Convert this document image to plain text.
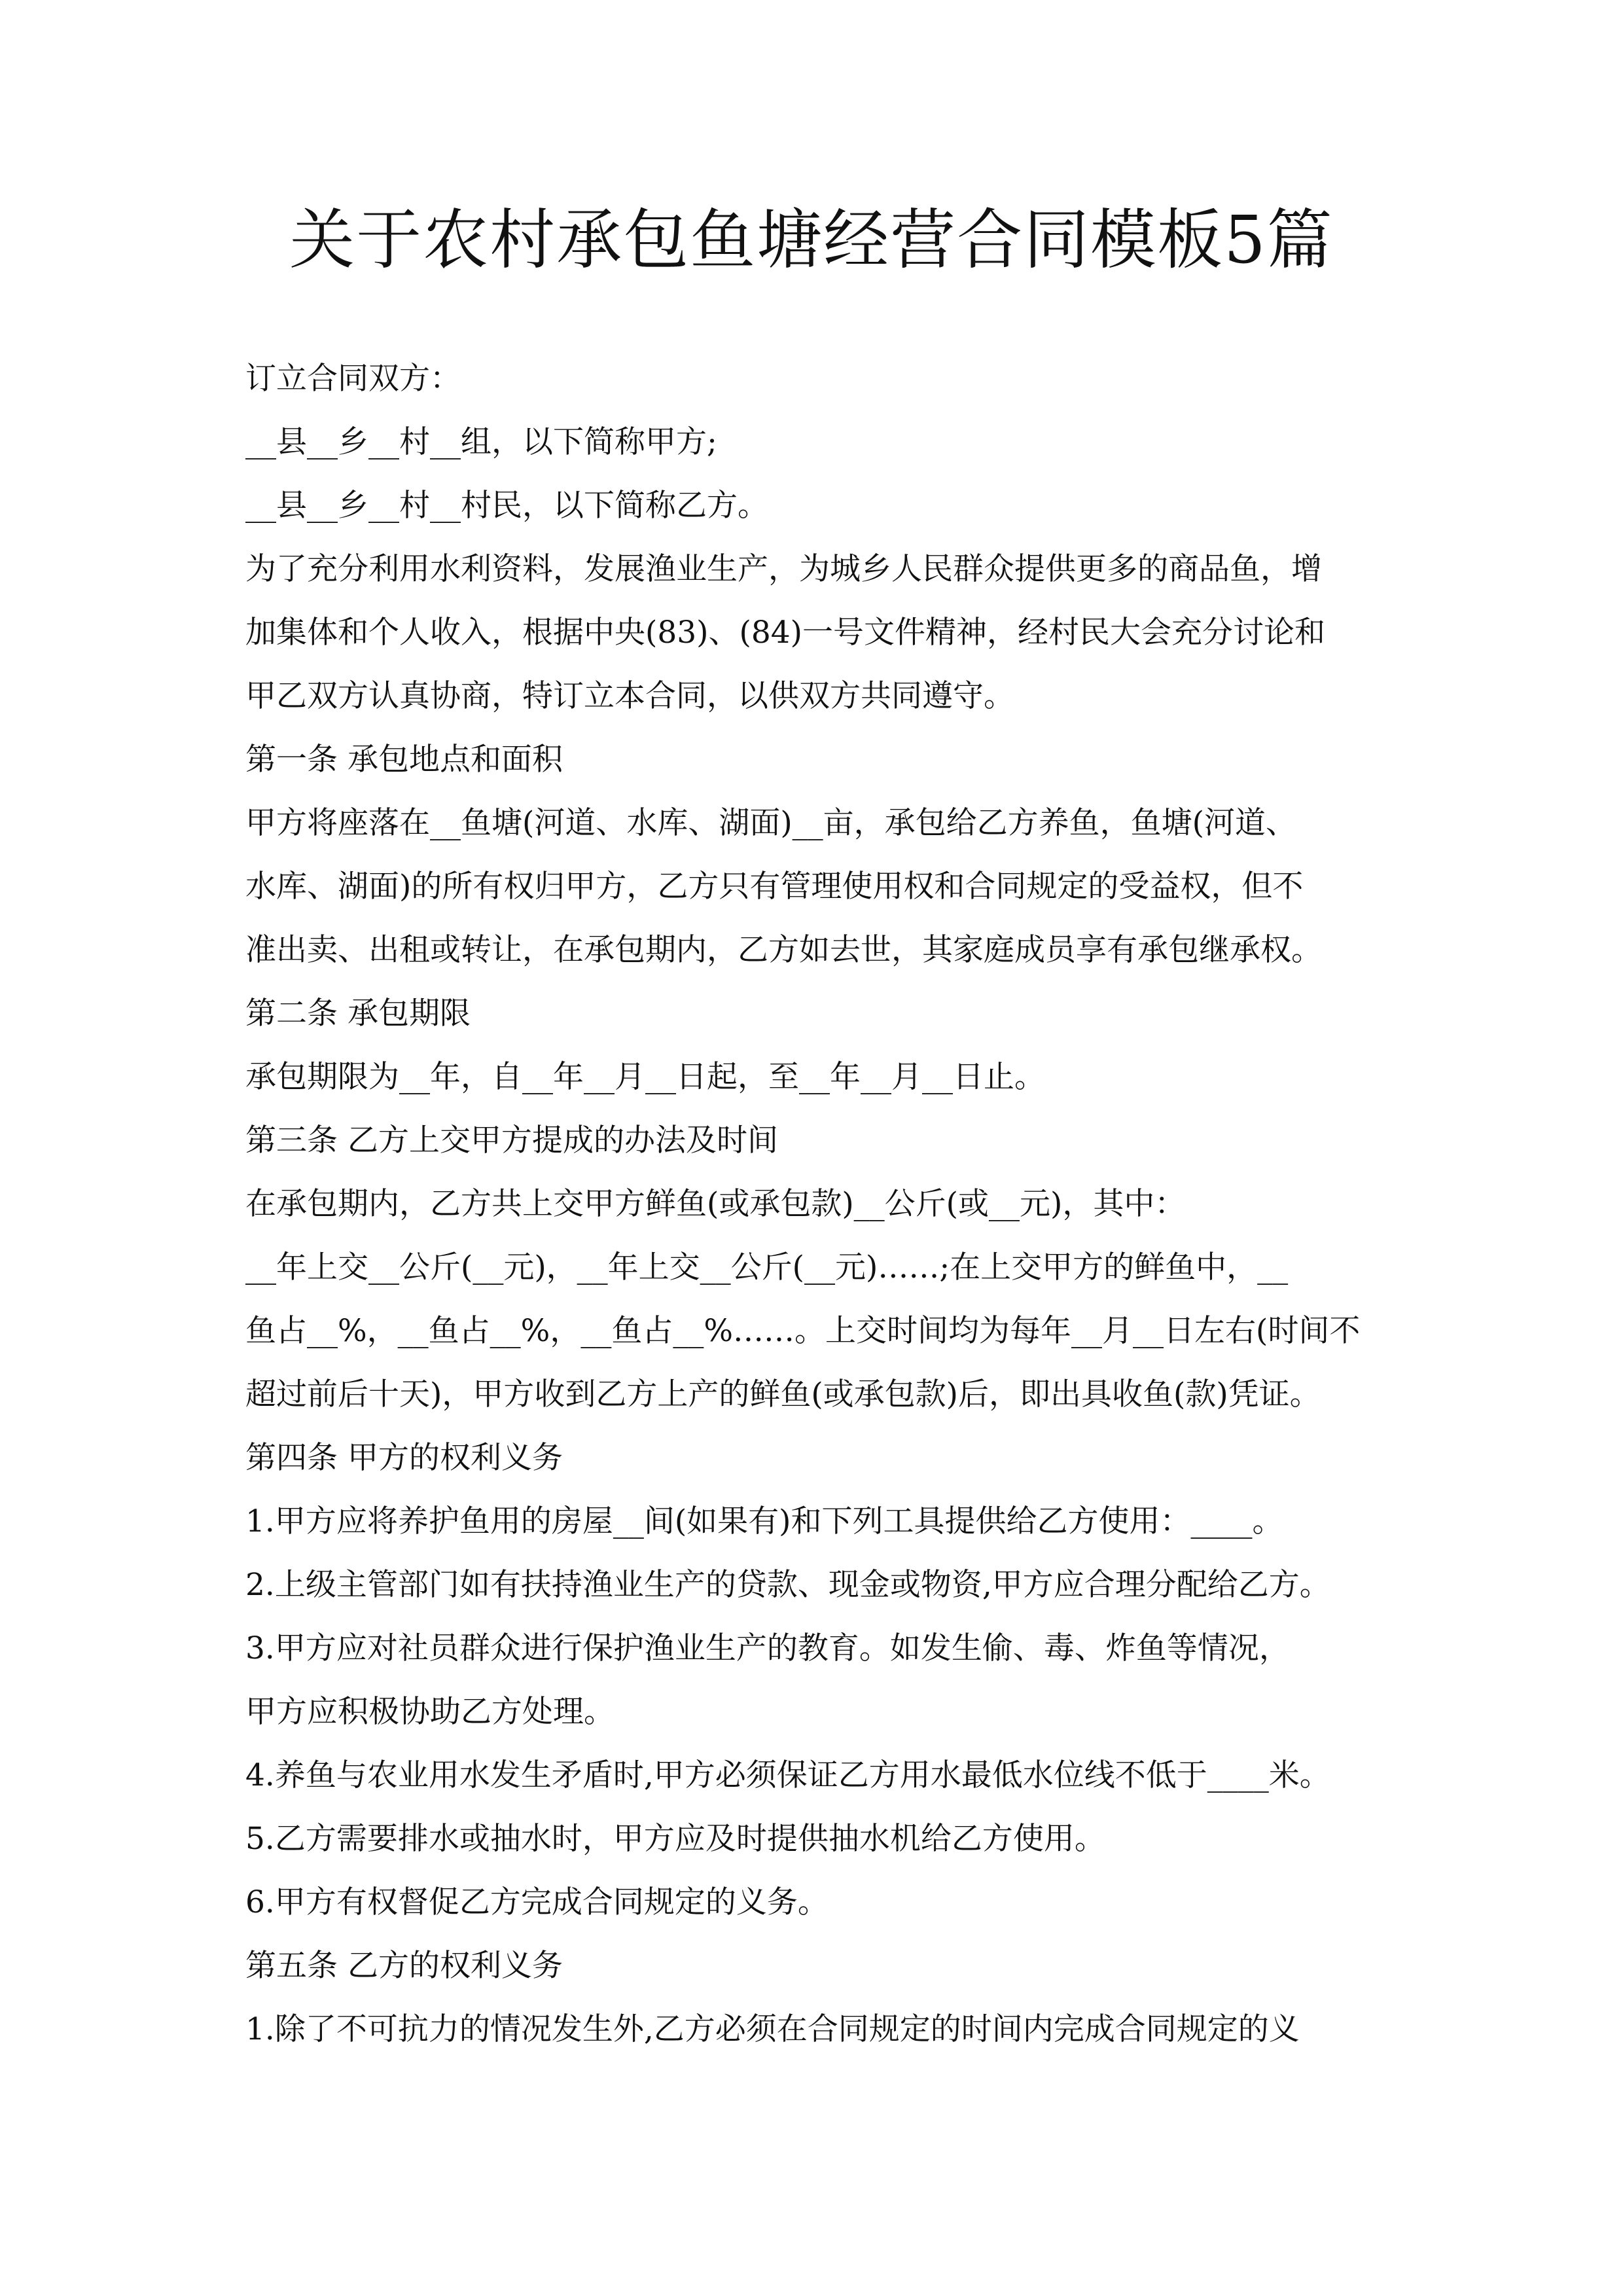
关于农村承包鱼塘经营合同模板5篇
订立合同双方：
__县__乡__村__组，以下简称甲方;
__县__乡__村__村民，以下简称乙方。
为了充分利用水利资料，发展渔业生产，为城乡人民群众提供更多的商品鱼，增
加集体和个人收入，根据中央(83)、(84)一号文件精神，经村民大会充分讨论和
甲乙双方认真协商，特订立本合同，以供双方共同遵守。
第一条 承包地点和面积
甲方将座落在__鱼塘(河道、水库、湖面)__亩，承包给乙方养鱼，鱼塘(河道、
水库、湖面)的所有权归甲方，乙方只有管理使用权和合同规定的受益权，但不
准出卖、出租或转让，在承包期内，乙方如去世，其家庭成员享有承包继承权。
第二条 承包期限
承包期限为__年，自__年__月__日起，至__年__月__日止。
第三条 乙方上交甲方提成的办法及时间
在承包期内，乙方共上交甲方鲜鱼(或承包款)__公斤(或__元)，其中：
__年上交__公斤(__元)，__年上交__公斤(__元)……;在上交甲方的鲜鱼中，__
鱼占__%，__鱼占__%，__鱼占__%……。上交时间均为每年__月__日左右(时间不
超过前后十天)，甲方收到乙方上产的鲜鱼(或承包款)后，即出具收鱼(款)凭证。
第四条 甲方的权利义务
1.甲方应将养护鱼用的房屋__间(如果有)和下列工具提供给乙方使用：____。
2.上级主管部门如有扶持渔业生产的贷款、现金或物资,甲方应合理分配给乙方。
3.甲方应对社员群众进行保护渔业生产的教育。如发生偷、毒、炸鱼等情况，
甲方应积极协助乙方处理。
4.养鱼与农业用水发生矛盾时,甲方必须保证乙方用水最低水位线不低于____米。
5.乙方需要排水或抽水时，甲方应及时提供抽水机给乙方使用。
6.甲方有权督促乙方完成合同规定的义务。
第五条 乙方的权利义务
1.除了不可抗力的情况发生外,乙方必须在合同规定的时间内完成合同规定的义
